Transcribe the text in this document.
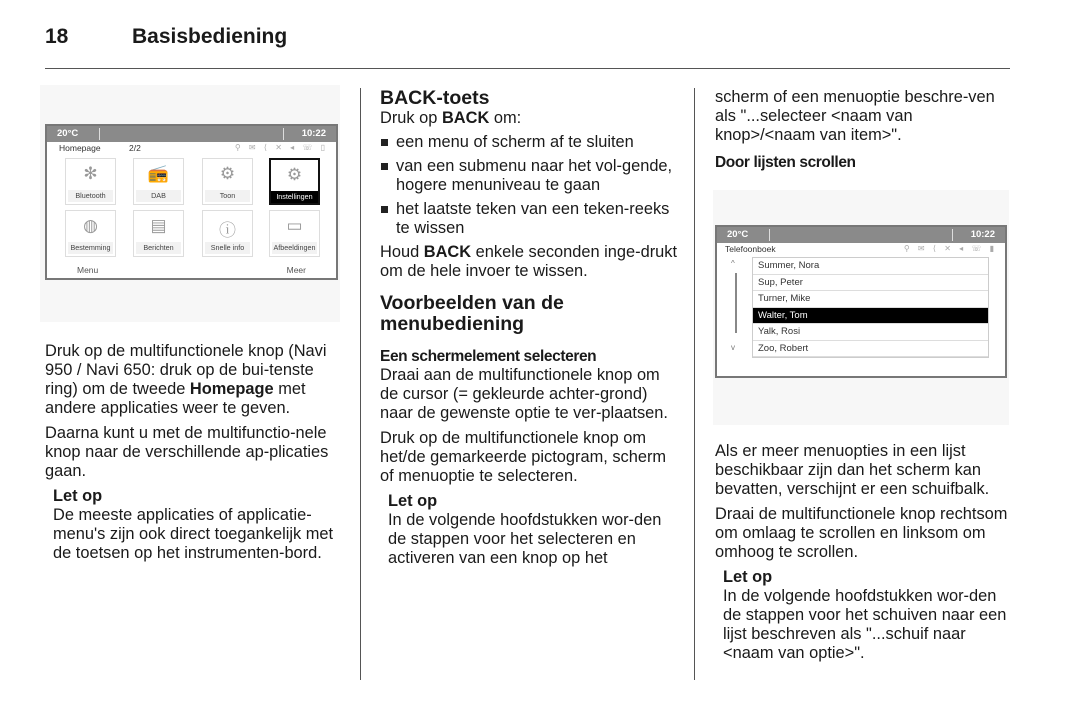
18	Basisbediening
20°C	10:22
Homepage	2/2	⚲ ✉ ⟨ ✕ ◂ ☏ ▯
✻
Bluetooth
📻
DAB
⚙
Toon
⚙
Instellingen
◍
Bestemming
▤
Berichten
ⓘ
Snelle info
▭
Afbeeldingen
Menu	Meer

Druk op de multifunctionele knop (Navi 950 / Navi 650: druk op de bui-tenste ring) om de tweede Homepage met andere applicaties weer te geven.

Daarna kunt u met de multifunctio-nele knop naar de verschillende ap-plicaties gaan.

Let op
De meeste applicaties of applicatie-menu's zijn ook direct toegankelijk met de toetsen op het instrumenten-bord.
BACK-toets

Druk op BACK om:

een menu of scherm af te sluiten
van een submenu naar het vol-gende, hogere menuniveau te gaan
het laatste teken van een teken-reeks te wissen

Houd BACK enkele seconden inge-drukt om de hele invoer te wissen.

Voorbeelden van de menubediening
Een schermelement selecteren

Draai aan de multifunctionele knop om de cursor (= gekleurde achter-grond) naar de gewenste optie te ver-plaatsen.

Druk op de multifunctionele knop om het/de gemarkeerde pictogram, scherm of menuoptie te selecteren.

Let op
In de volgende hoofdstukken wor-den de stappen voor het selecteren en activeren van een knop op het

scherm of een menuoptie beschre-ven als "...selecteer <naam van knop>/<naam van item>".

Door lijsten scrollen
20°C	10:22
Telefoonboek	⚲ ✉ ⟨ ✕ ◂ ☏ ▮
^
v
Summer, Nora
Sup, Peter
Turner, Mike
Walter, Tom
Yalk, Rosi
Zoo, Robert

Als er meer menuopties in een lijst beschikbaar zijn dan het scherm kan bevatten, verschijnt er een schuifbalk.

Draai de multifunctionele knop rechtsom om omlaag te scrollen en linksom om omhoog te scrollen.

Let op
In de volgende hoofdstukken wor-den de stappen voor het schuiven naar een lijst beschreven als "...schuif naar <naam van optie>".
